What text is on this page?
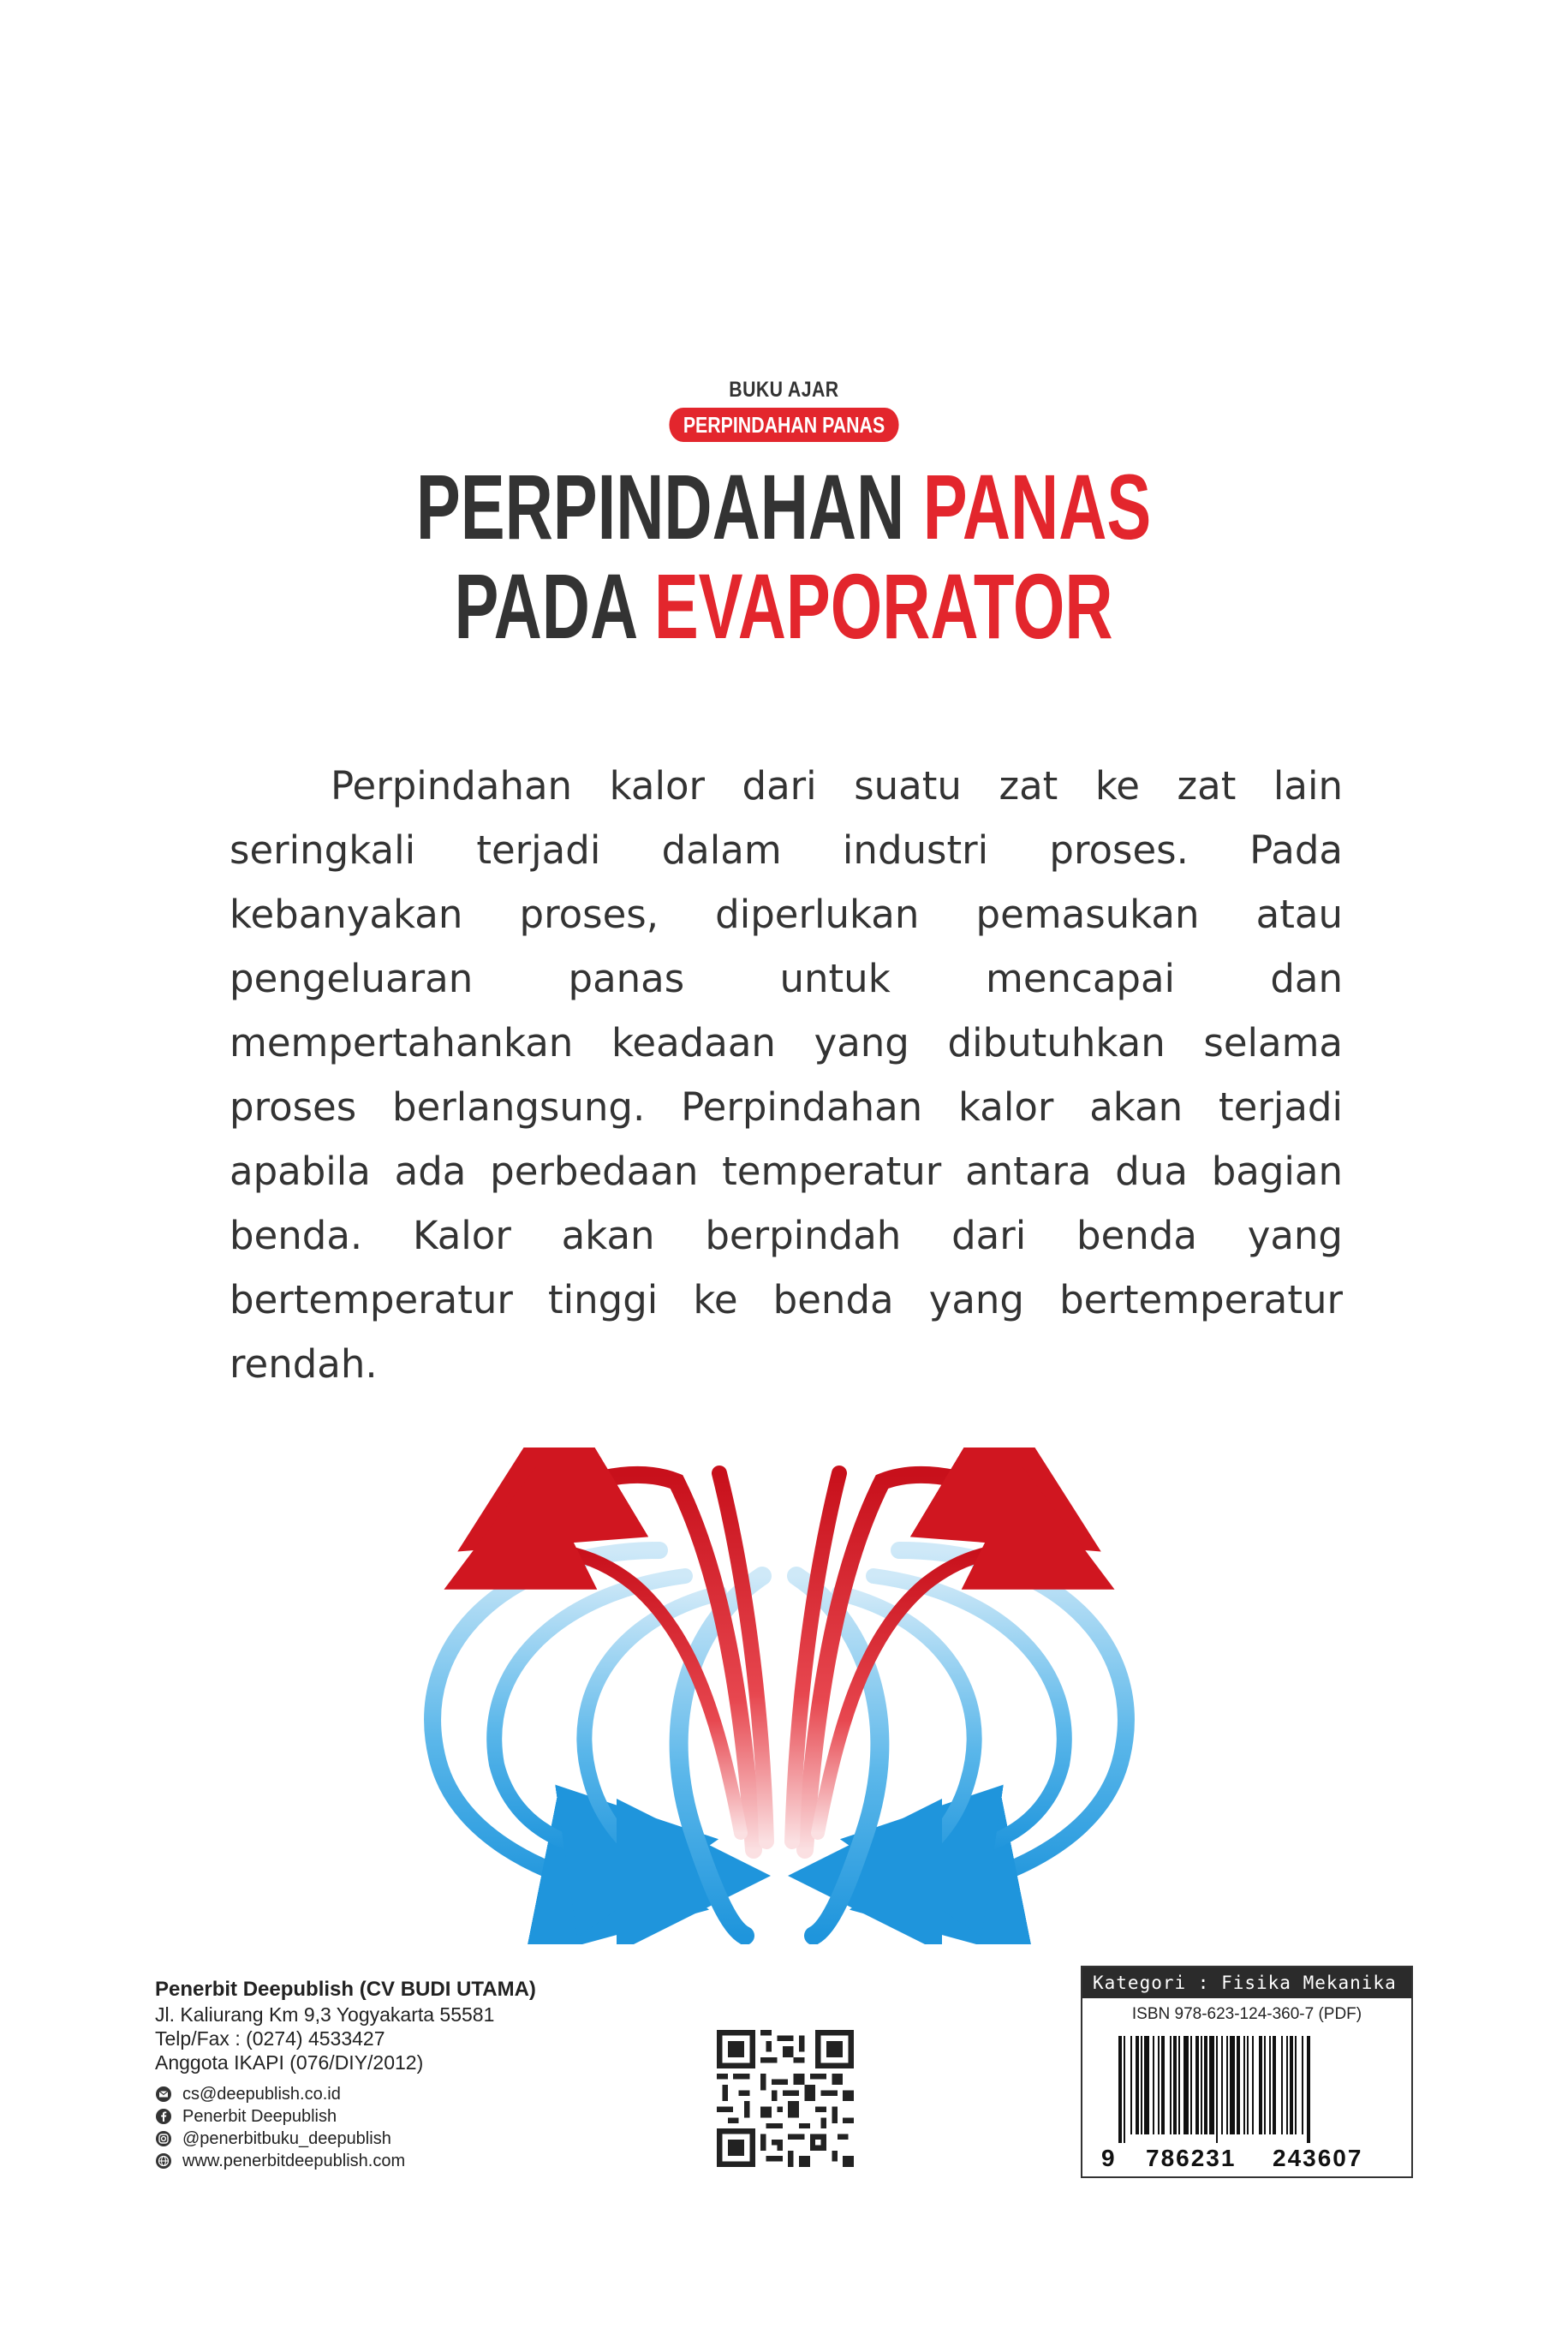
BUKU AJAR
PERPINDAHAN PANAS
PERPINDAHAN PANAS
PADA EVAPORATOR

Perpindahan kalor dari suatu zat ke zat lain seringkali terjadi dalam industri proses. Pada kebanyakan proses, diperlukan pemasukan atau pengeluaran panas untuk mencapai dan mempertahankan keadaan yang dibutuhkan selama proses berlangsung. Perpindahan kalor akan terjadi apabila ada perbedaan temperatur antara dua bagian benda. Kalor akan berpindah dari benda yang bertemperatur tinggi ke benda yang bertemperatur rendah.

Penerbit Deepublish (CV BUDI UTAMA)
Jl. Kaliurang Km 9,3 Yogyakarta 55581
Telp/Fax : (0274) 4533427
Anggota IKAPI (076/DIY/2012)
cs@deepublish.co.id
Penerbit Deepublish
@penerbitbuku_deepublish
www.penerbitdeepublish.com
Kategori : Fisika Mekanika
ISBN 978-623-124-360-7 (PDF)
9 786231 243607
